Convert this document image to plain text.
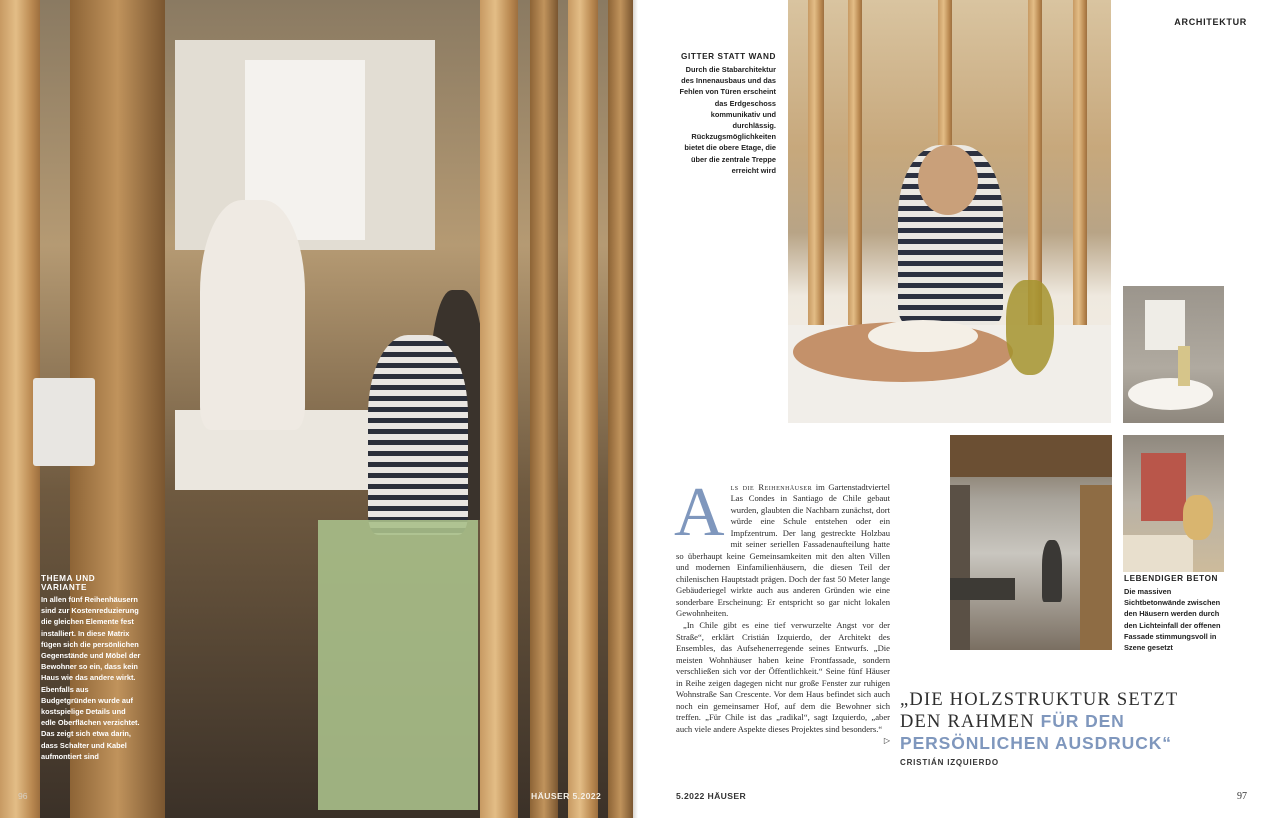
THEMA UND VARIANTE
In allen fünf Reihenhäusern sind zur Kostenreduzierung die gleichen Elemente fest installiert. In diese Matrix fügen sich die persönlichen Gegenstände und Möbel der Bewohner so ein, dass kein Haus wie das andere wirkt. Ebenfalls aus Budgetgründen wurde auf kostspielige Details und edle Oberflächen verzichtet. Das zeigt sich etwa darin, dass Schalter und Kabel aufmontiert sind
96	HÄUSER 5.2022
ARCHITEKTUR
GITTER STATT WAND
Durch die Stabarchitektur des Innenausbaus und das Fehlen von Türen erscheint das Erdgeschoss kommunikativ und durchlässig. Rückzugsmöglichkeiten bietet die obere Etage, die über die zentrale Treppe erreicht wird
LEBENDIGER BETON
Die massiven Sichtbetonwände zwischen den Häusern werden durch den Lichteinfall der offenen Fassade stimmungsvoll in Szene gesetzt
A ls die Reihenhäuser im Gartenstadtviertel Las Condes in Santiago de Chile gebaut wurden, glaubten die Nachbarn zunächst, dort würde eine Schule entstehen oder ein Impfzentrum. Der lang gestreckte Holzbau mit seiner seriellen Fassadenaufteilung hatte so überhaupt keine Gemeinsamkeiten mit den alten Villen und modernen Einfamilienhäusern, die diesen Teil der chilenischen Hauptstadt prägen. Doch der fast 50 Meter lange Gebäuderiegel wirkte auch aus anderen Gründen wie eine sonderbare Erscheinung: Er entspricht so gar nicht lokalen Gewohnheiten.

„In Chile gibt es eine tief verwurzelte Angst vor der Straße“, erklärt Cristián Izquierdo, der Architekt des Ensembles, das Aufsehenerregende seines Entwurfs. „Die meisten Wohnhäuser haben keine Frontfassade, sondern verschließen sich vor der Öffentlichkeit.“ Seine fünf Häuser in Reihe zeigen dagegen nicht nur große Fenster zur ruhigen Wohnstraße San Crescente. Vor dem Haus befindet sich auch noch ein gemeinsamer Hof, auf dem die Bewohner sich treffen. „Für Chile ist das „radikal“, sagt Izquierdo, „aber auch viele andere Aspekte dieses Projektes sind besonders.“
▷

„DIE HOLZSTRUKTUR SETZT
DEN RAHMEN FÜR DEN
PERSÖNLICHEN AUSDRUCK“
CRISTIÁN IZQUIERDO
5.2022 HÄUSER	97
